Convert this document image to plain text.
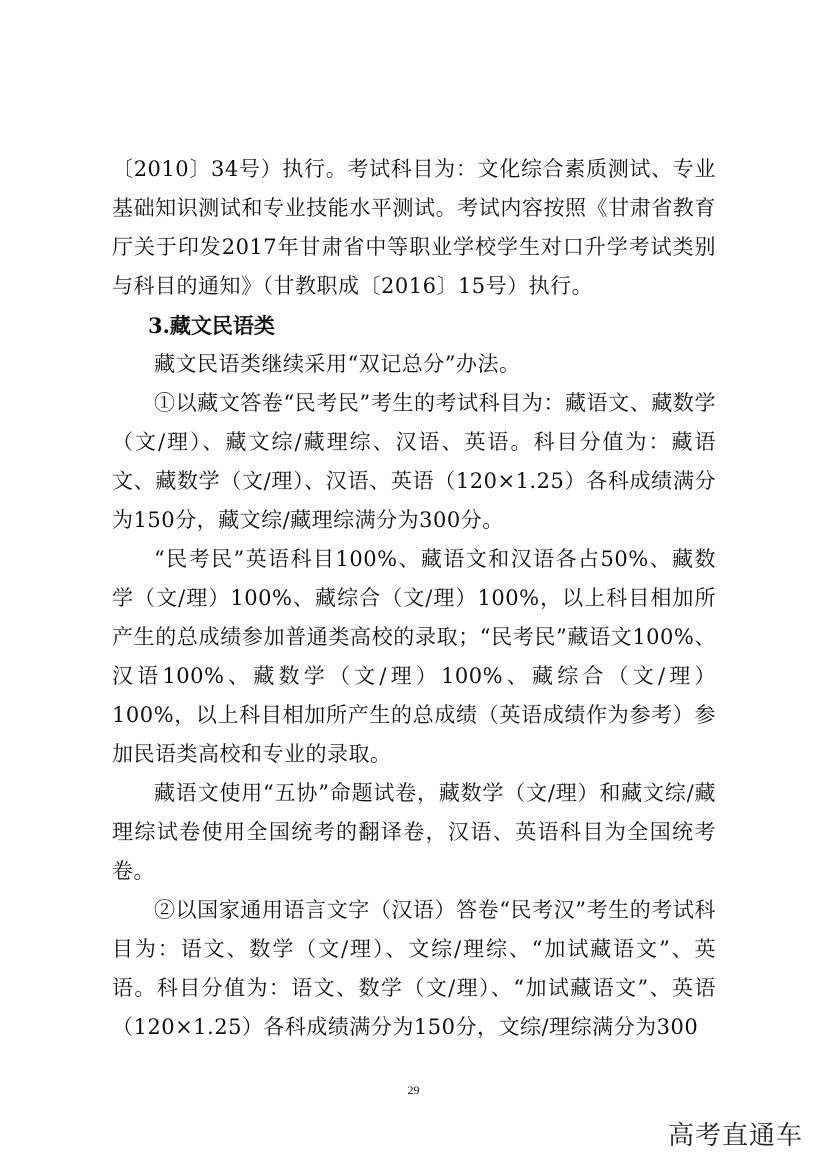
〔2010〕34号）执行。考试科目为：文化综合素质测试、专业基础知识测试和专业技能水平测试。考试内容按照《甘肃省教育厅关于印发2017年甘肃省中等职业学校学生对口升学考试类别与科目的通知》（甘教职成〔2016〕15号）执行。

3.藏文民语类

藏文民语类继续采用“双记总分”办法。

①以藏文答卷“民考民”考生的考试科目为：藏语文、藏数学（文/理）、藏文综/藏理综、汉语、英语。科目分值为：藏语文、藏数学（文/理）、汉语、英语（120×1.25）各科成绩满分为150分，藏文综/藏理综满分为300分。

“民考民”英语科目100%、藏语文和汉语各占50%、藏数学（文/理）100%、藏综合（文/理）100%，以上科目相加所产生的总成绩参加普通类高校的录取；“民考民”藏语文100%、汉语100%、藏数学（文/理）100%、藏综合（文/理）100%，以上科目相加所产生的总成绩（英语成绩作为参考）参加民语类高校和专业的录取。

藏语文使用“五协”命题试卷，藏数学（文/理）和藏文综/藏理综试卷使用全国统考的翻译卷，汉语、英语科目为全国统考卷。

②以国家通用语言文字（汉语）答卷“民考汉”考生的考试科目为：语文、数学（文/理）、文综/理综、“加试藏语文”、英语。科目分值为：语文、数学（文/理）、“加试藏语文”、英语（120×1.25）各科成绩满分为150分，文综/理综满分为300

29
高考直通车
